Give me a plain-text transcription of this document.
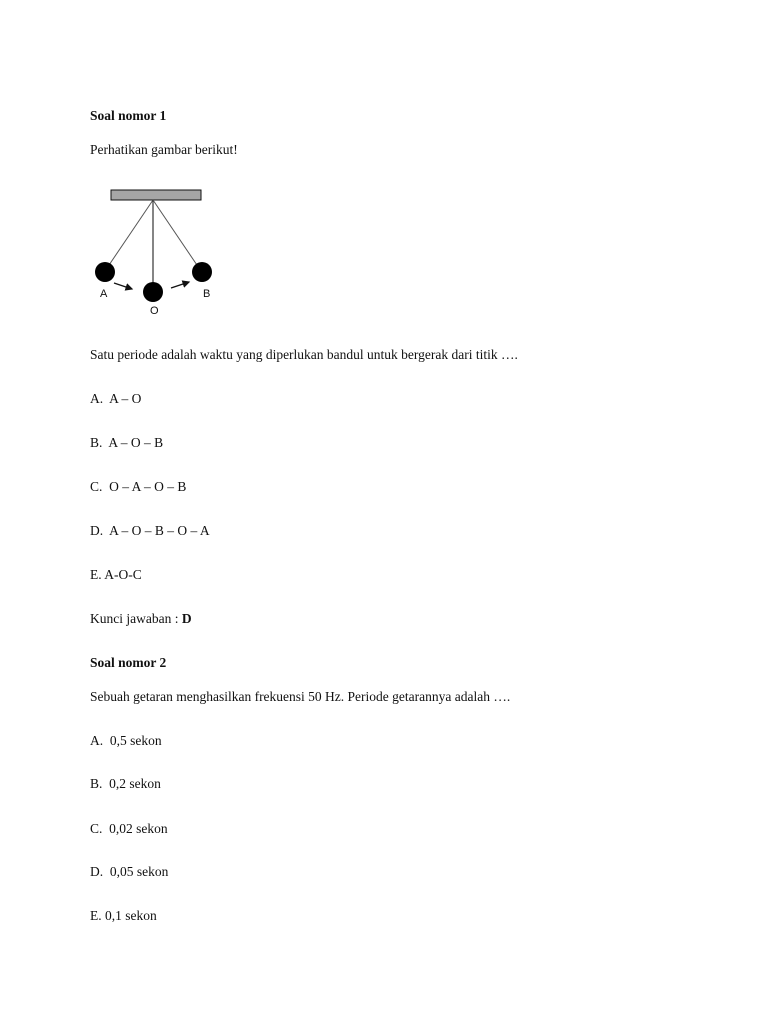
Soal nomor 1
Perhatikan gambar berikut!
A
O
B
Satu periode adalah waktu yang diperlukan bandul untuk bergerak dari titik ….
A.  A – O
B.  A – O – B
C.  O – A – O – B
D.  A – O – B – O – A
E. A-O-C
Kunci jawaban : D
Soal nomor 2
Sebuah getaran menghasilkan frekuensi 50 Hz. Periode getarannya adalah ….
A.  0,5 sekon
B.  0,2 sekon
C.  0,02 sekon
D.  0,05 sekon
E. 0,1 sekon
